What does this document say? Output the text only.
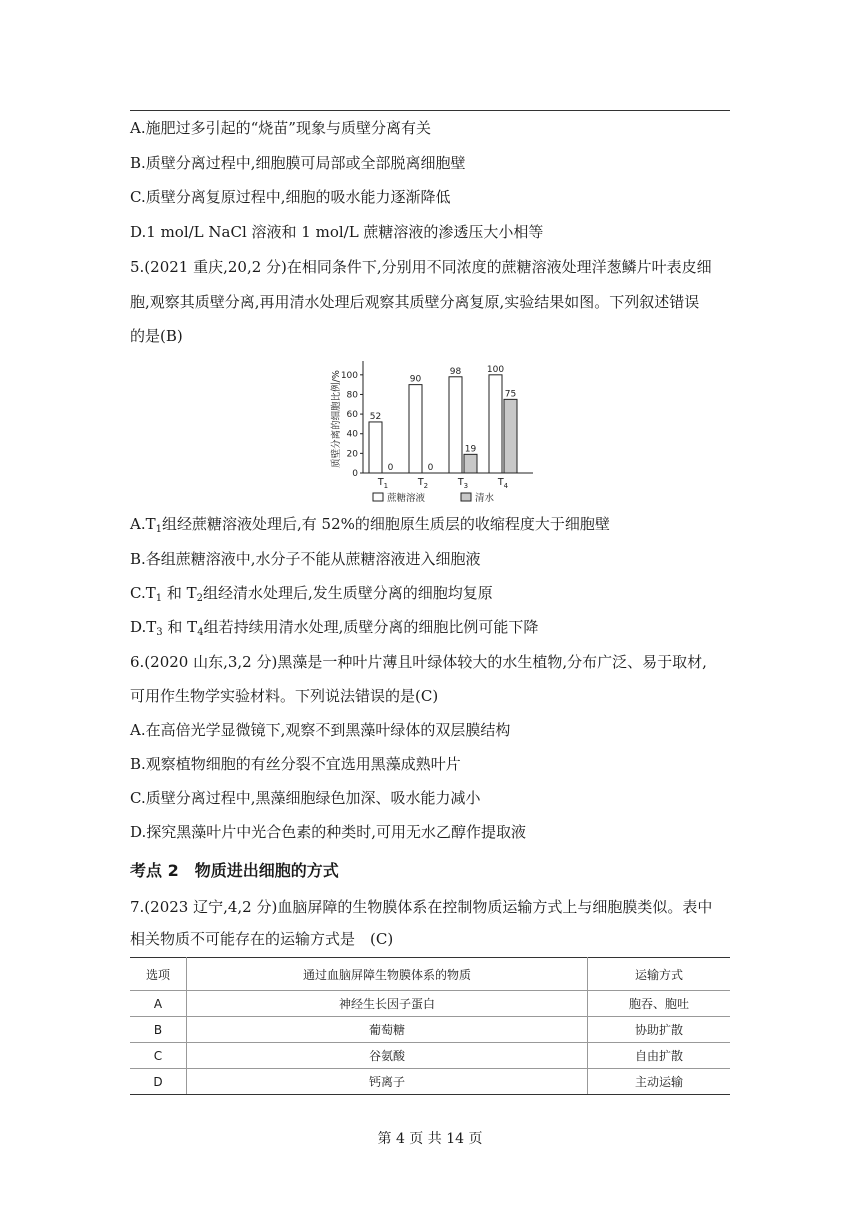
A.施肥过多引起的“烧苗”现象与质壁分离有关
B.质壁分离过程中,细胞膜可局部或全部脱离细胞壁
C.质壁分离复原过程中,细胞的吸水能力逐渐降低
D.1 mol/L NaCl 溶液和 1 mol/L 蔗糖溶液的渗透压大小相等
5.(2021 重庆,20,2 分)在相同条件下,分别用不同浓度的蔗糖溶液处理洋葱鳞片叶表皮细
胞,观察其质壁分离,再用清水处理后观察其质壁分离复原,实验结果如图。下列叙述错误
的是(B)
0
20
40
60
80
100
质壁分离的细胞比例/%	52
0
$T_1$
90
0
$T_2$
98
19
$T_3$
100
75
$T_4$
蔗糖溶液	清水
$A.T_1$组经蔗糖溶液处理后,有 52%的细胞原生质层的收缩程度大于细胞壁
B.各组蔗糖溶液中,水分子不能从蔗糖溶液进入细胞液
$C.T_1$ 和 $T_2$组经清水处理后,发生质壁分离的细胞均复原
$D.T_3$ 和 $T_4$组若持续用清水处理,质壁分离的细胞比例可能下降
6.(2020 山东,3,2 分)黑藻是一种叶片薄且叶绿体较大的水生植物,分布广泛、易于取材,
可用作生物学实验材料。下列说法错误的是(C)
A.在高倍光学显微镜下,观察不到黑藻叶绿体的双层膜结构
B.观察植物细胞的有丝分裂不宜选用黑藻成熟叶片
C.质壁分离过程中,黑藻细胞绿色加深、吸水能力减小
D.探究黑藻叶片中光合色素的种类时,可用无水乙醇作提取液
考点 2　物质进出细胞的方式
7.(2023 辽宁,4,2 分)血脑屏障的生物膜体系在控制物质运输方式上与细胞膜类似。表中
相关物质不可能存在的运输方式是　(C)
选项	通过血脑屏障生物膜体系的物质	运输方式
A	神经生长因子蛋白	胞吞、胞吐
B	葡萄糖	协助扩散
C	谷氨酸	自由扩散
D	钙离子	主动运输
第 4 页 共 14 页
